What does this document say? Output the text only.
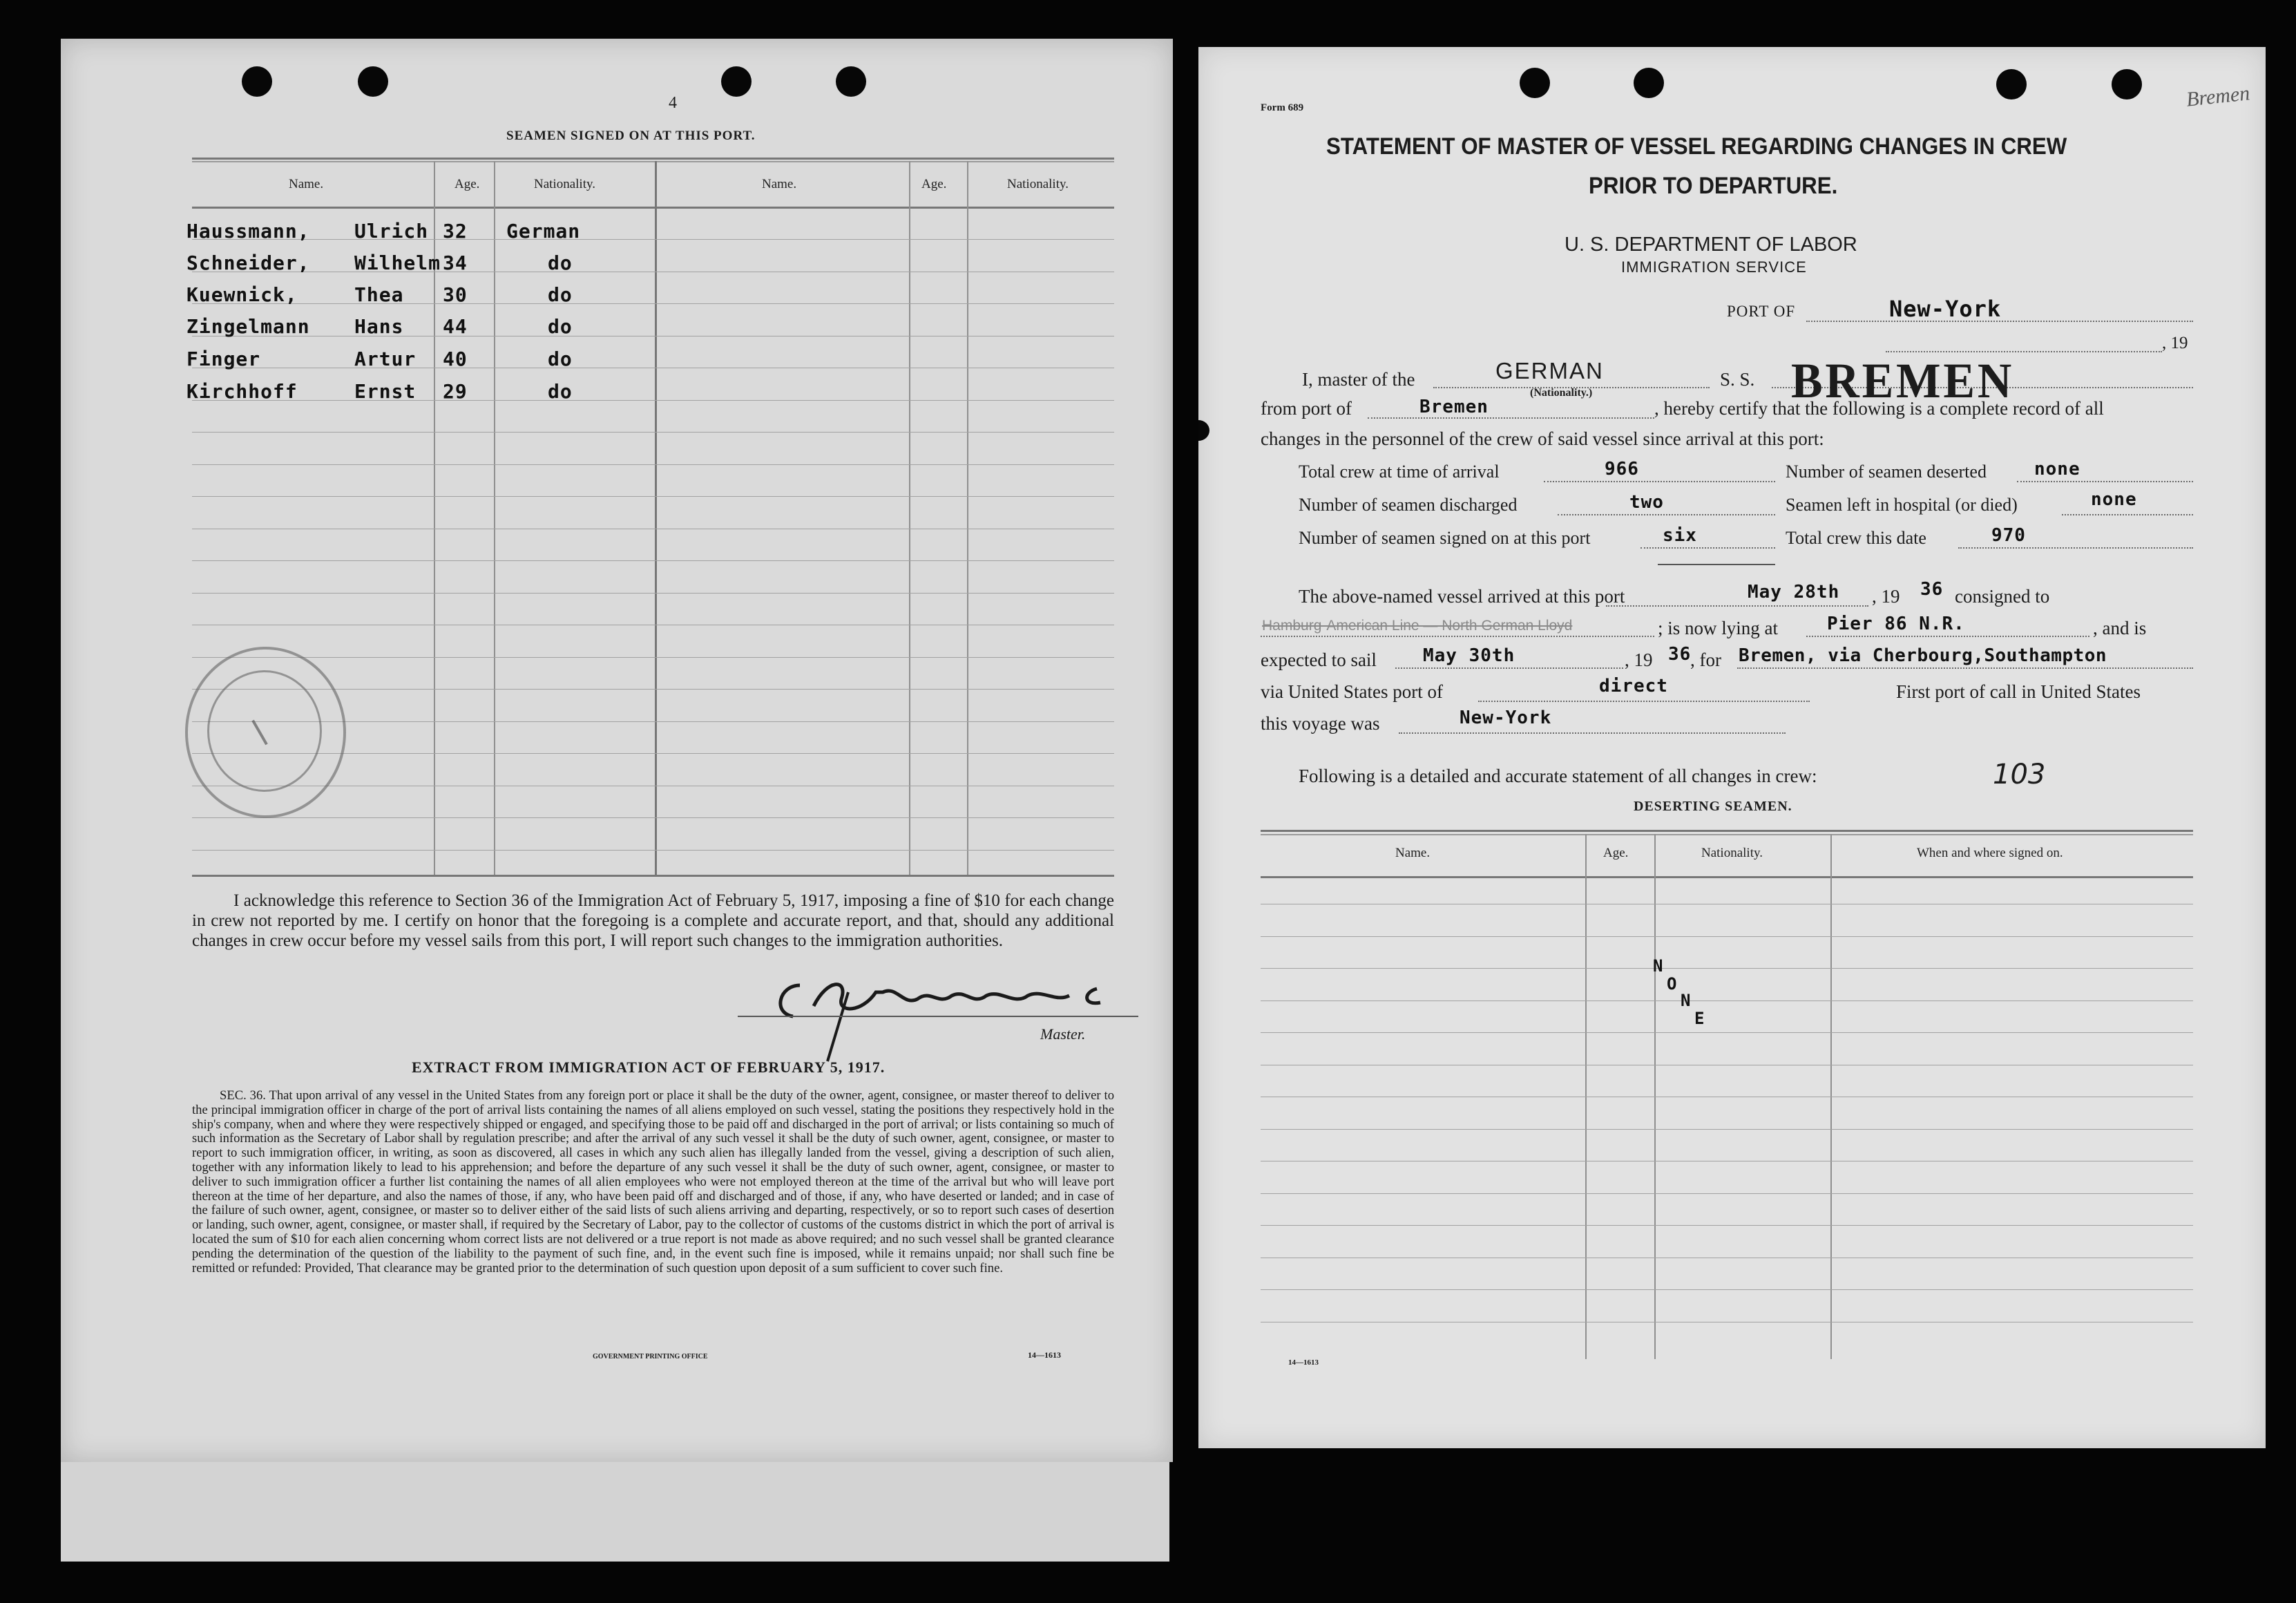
4
SEAMEN SIGNED ON AT THIS PORT.
Name.	Age.	Nationality.	Name.	Age.	Nationality.
Haussmann, Ulrich 32 German
Schneider, Wilhelm 34	do
Kuewnick,	Thea 30	do
Zingelmann Hans 44	do
Finger	Artur 40	do
Kirchhoff	Ernst 29	do
I acknowledge this reference to Section 36 of the Immigration Act of February 5, 1917, imposing a fine of $10 for each change in crew not reported by me. I certify on honor that the foregoing is a complete and accurate report, and that, should any additional changes in crew occur before my vessel sails from this port, I will report such changes to the immigration authorities.
Master.
EXTRACT FROM IMMIGRATION ACT OF FEBRUARY 5, 1917.
SEC. 36. That upon arrival of any vessel in the United States from any foreign port or place it shall be the duty of the owner, agent, consignee, or master thereof to deliver to the principal immigration officer in charge of the port of arrival lists containing the names of all aliens employed on such vessel, stating the positions they respectively hold in the ship's company, when and where they were respectively shipped or engaged, and specifying those to be paid off and discharged in the port of arrival; or lists containing so much of such information as the Secretary of Labor shall by regulation prescribe; and after the arrival of any such vessel it shall be the duty of such owner, agent, consignee, or master to report to such immigration officer, in writing, as soon as discovered, all cases in which any such alien has illegally landed from the vessel, giving a description of such alien, together with any information likely to lead to his apprehension; and before the departure of any such vessel it shall be the duty of such owner, agent, consignee, or master to deliver to such immigration officer a further list containing the names of all alien employees who were not employed thereon at the time of the arrival but who will leave port thereon at the time of her departure, and also the names of those, if any, who have been paid off and discharged and of those, if any, who have deserted or landed; and in case of the failure of such owner, agent, consignee, or master so to deliver either of the said lists of such aliens arriving and departing, respectively, or so to report such cases of desertion or landing, such owner, agent, consignee, or master shall, if required by the Secretary of Labor, pay to the collector of customs of the customs district in which the port of arrival is located the sum of $10 for each alien concerning whom correct lists are not delivered or a true report is not made as above required; and no such vessel shall be granted clearance pending the determination of the question of the liability to the payment of such fine, and, in the event such fine is imposed, while it remains unpaid; nor shall such fine be remitted or refunded: Provided, That clearance may be granted prior to the determination of such question upon deposit of a sum sufficient to cover such fine.
GOVERNMENT PRINTING OFFICE	14—1613
Form 689	Bremen
STATEMENT OF MASTER OF VESSEL REGARDING CHANGES IN CREW
PRIOR TO DEPARTURE.
U. S. DEPARTMENT OF LABOR
IMMIGRATION SERVICE
PORT OF	New-York
, 19
I, master of the	GERMAN
(Nationality.)
S. S. BREMEN
from port of	Bremen	, hereby certify that the following is a complete record of all
changes in the personnel of the crew of said vessel since arrival at this port:
Total crew at time of arrival	966	Number of seamen deserted	none
Number of seamen discharged	two	Seamen left in hospital (or died)	none
Number of seamen signed on at this port	six	Total crew this date	970
The above-named vessel arrived at this port	May 28th , 19 36 consigned to
Hamburg-American Line — North German Lloyd	; is now lying at	Pier 86 N.R.	, and is
expected to sail	May 30th	, 19 36
, for Bremen, via Cherbourg,Southampton
via United States port of	direct	First port of call in United States
this voyage was	New-York
Following is a detailed and accurate statement of all changes in crew:	103
DESERTING SEAMEN.
Name.	Age.	Nationality.	When and where signed on.
N
O
N
E
14—1613
